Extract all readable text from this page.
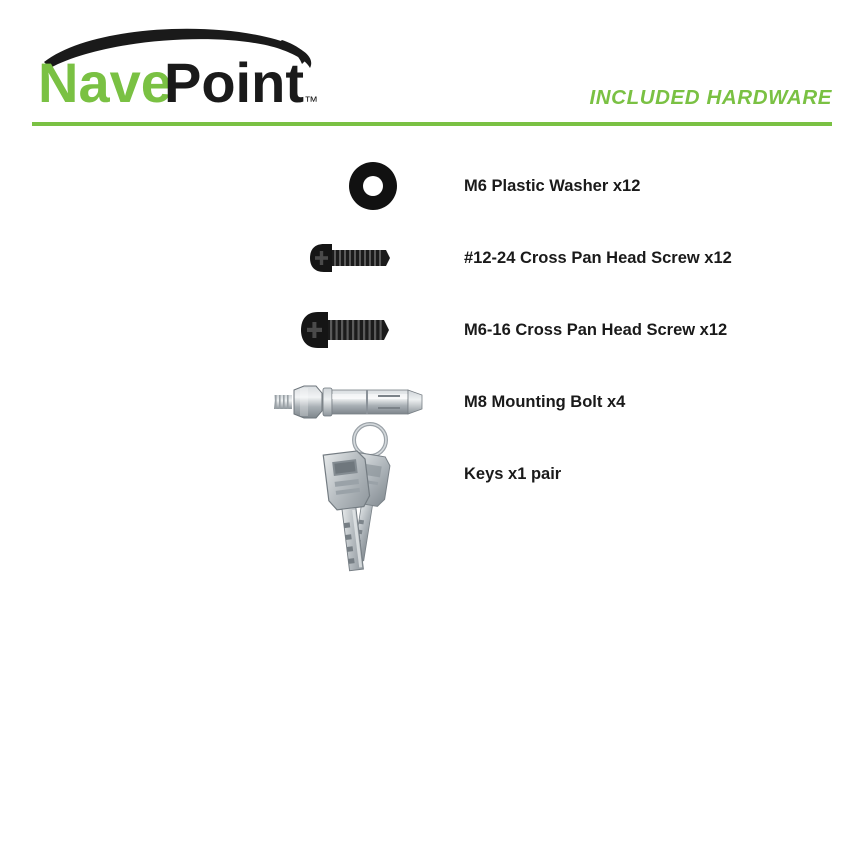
Nave
Point ™	INCLUDED HARDWARE
M6 Plastic Washer x12
#12-24 Cross Pan Head Screw x12
M6-16 Cross Pan Head Screw x12
M8 Mounting Bolt x4
Keys x1 pair
